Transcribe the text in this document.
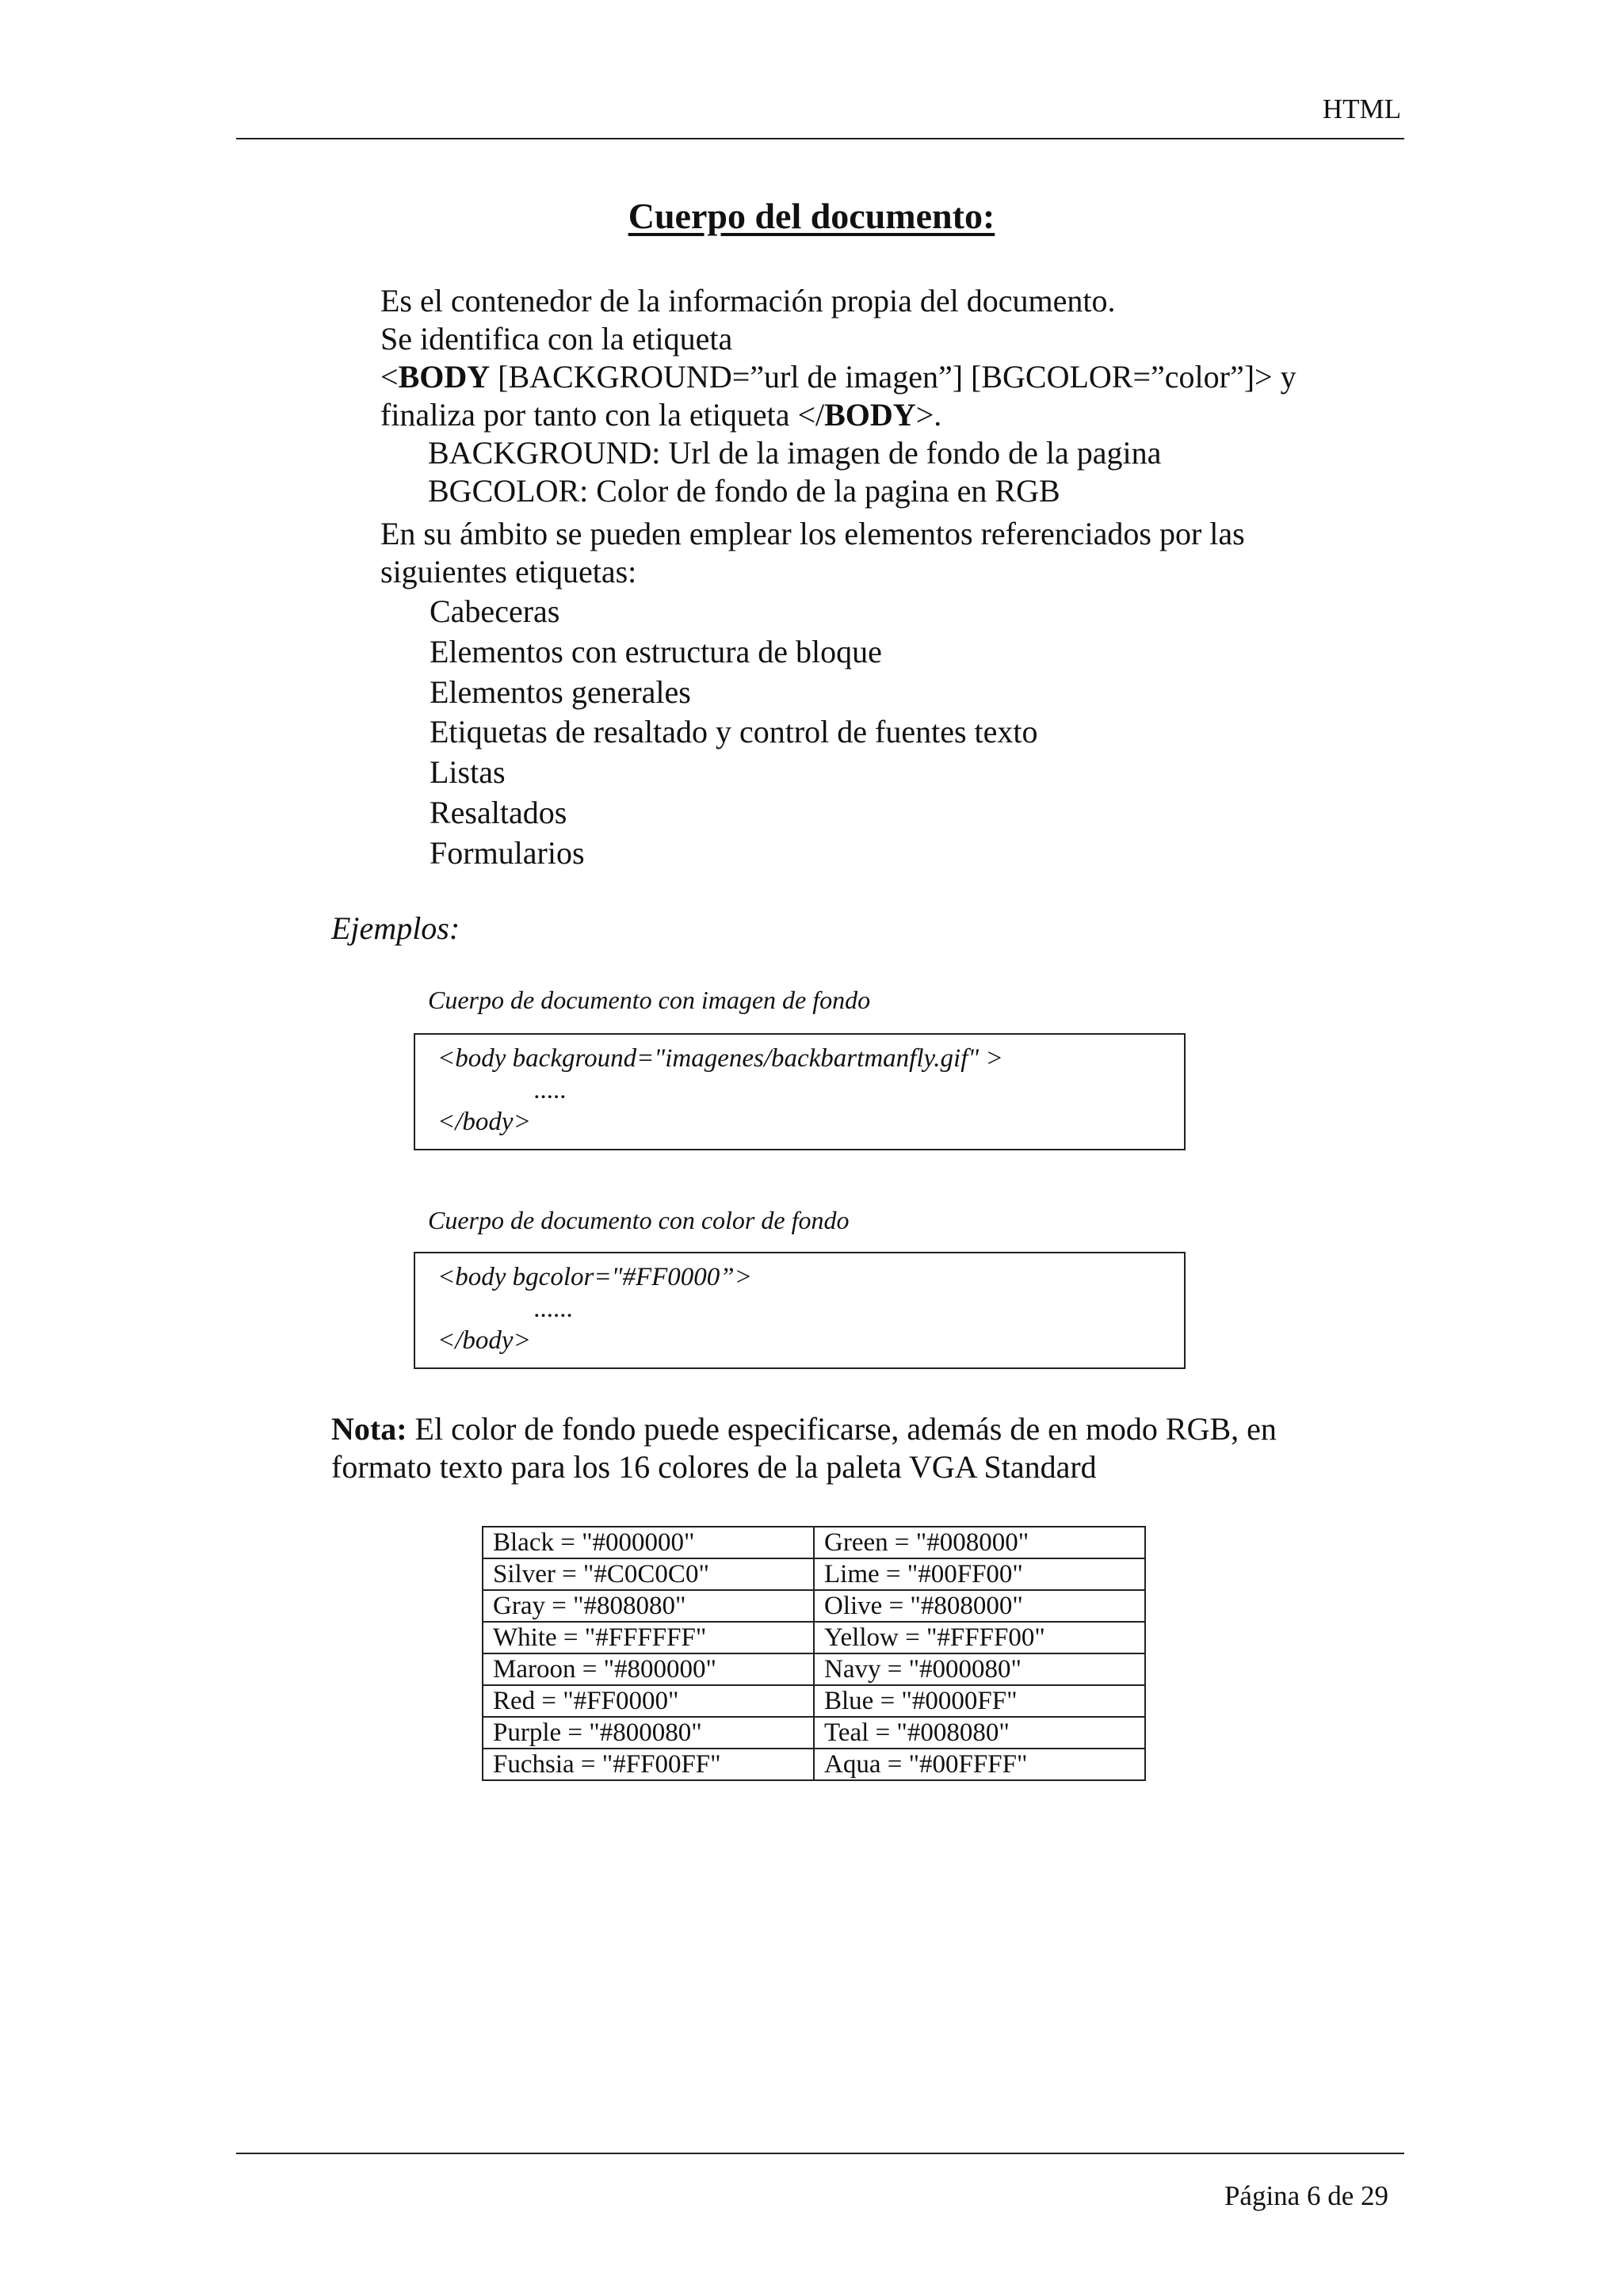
HTML
Cuerpo del documento:
Es el contenedor de la información propia del documento.
Se identifica con la etiqueta
<BODY [BACKGROUND=”url de imagen”] [BGCOLOR=”color”]> y
finaliza por tanto con la etiqueta </BODY>.
BACKGROUND: Url de la imagen de fondo de la pagina
BGCOLOR: Color de fondo de la pagina en RGB
En su ámbito se pueden emplear los elementos referenciados por las
siguientes etiquetas:
Cabeceras
Elementos con estructura de bloque
Elementos generales
Etiquetas de resaltado y control de fuentes texto
Listas
Resaltados
Formularios
Ejemplos:
Cuerpo de documento con imagen de fondo
<body background="imagenes/backbartmanfly.gif" >
.....
</body>
Cuerpo de documento con color de fondo
<body bgcolor="#FF0000”>
......
</body>
Nota: El color de fondo puede especificarse, además de en modo RGB, en
formato texto para los 16 colores de la paleta VGA Standard
Black = "#000000"	Green = "#008000"
Silver = "#C0C0C0"	Lime = "#00FF00"
Gray = "#808080"	Olive = "#808000"
White = "#FFFFFF"	Yellow = "#FFFF00"
Maroon = "#800000"	Navy = "#000080"
Red = "#FF0000"	Blue = "#0000FF"
Purple = "#800080"	Teal = "#008080"
Fuchsia = "#FF00FF"	Aqua = "#00FFFF"
Página 6 de 29
